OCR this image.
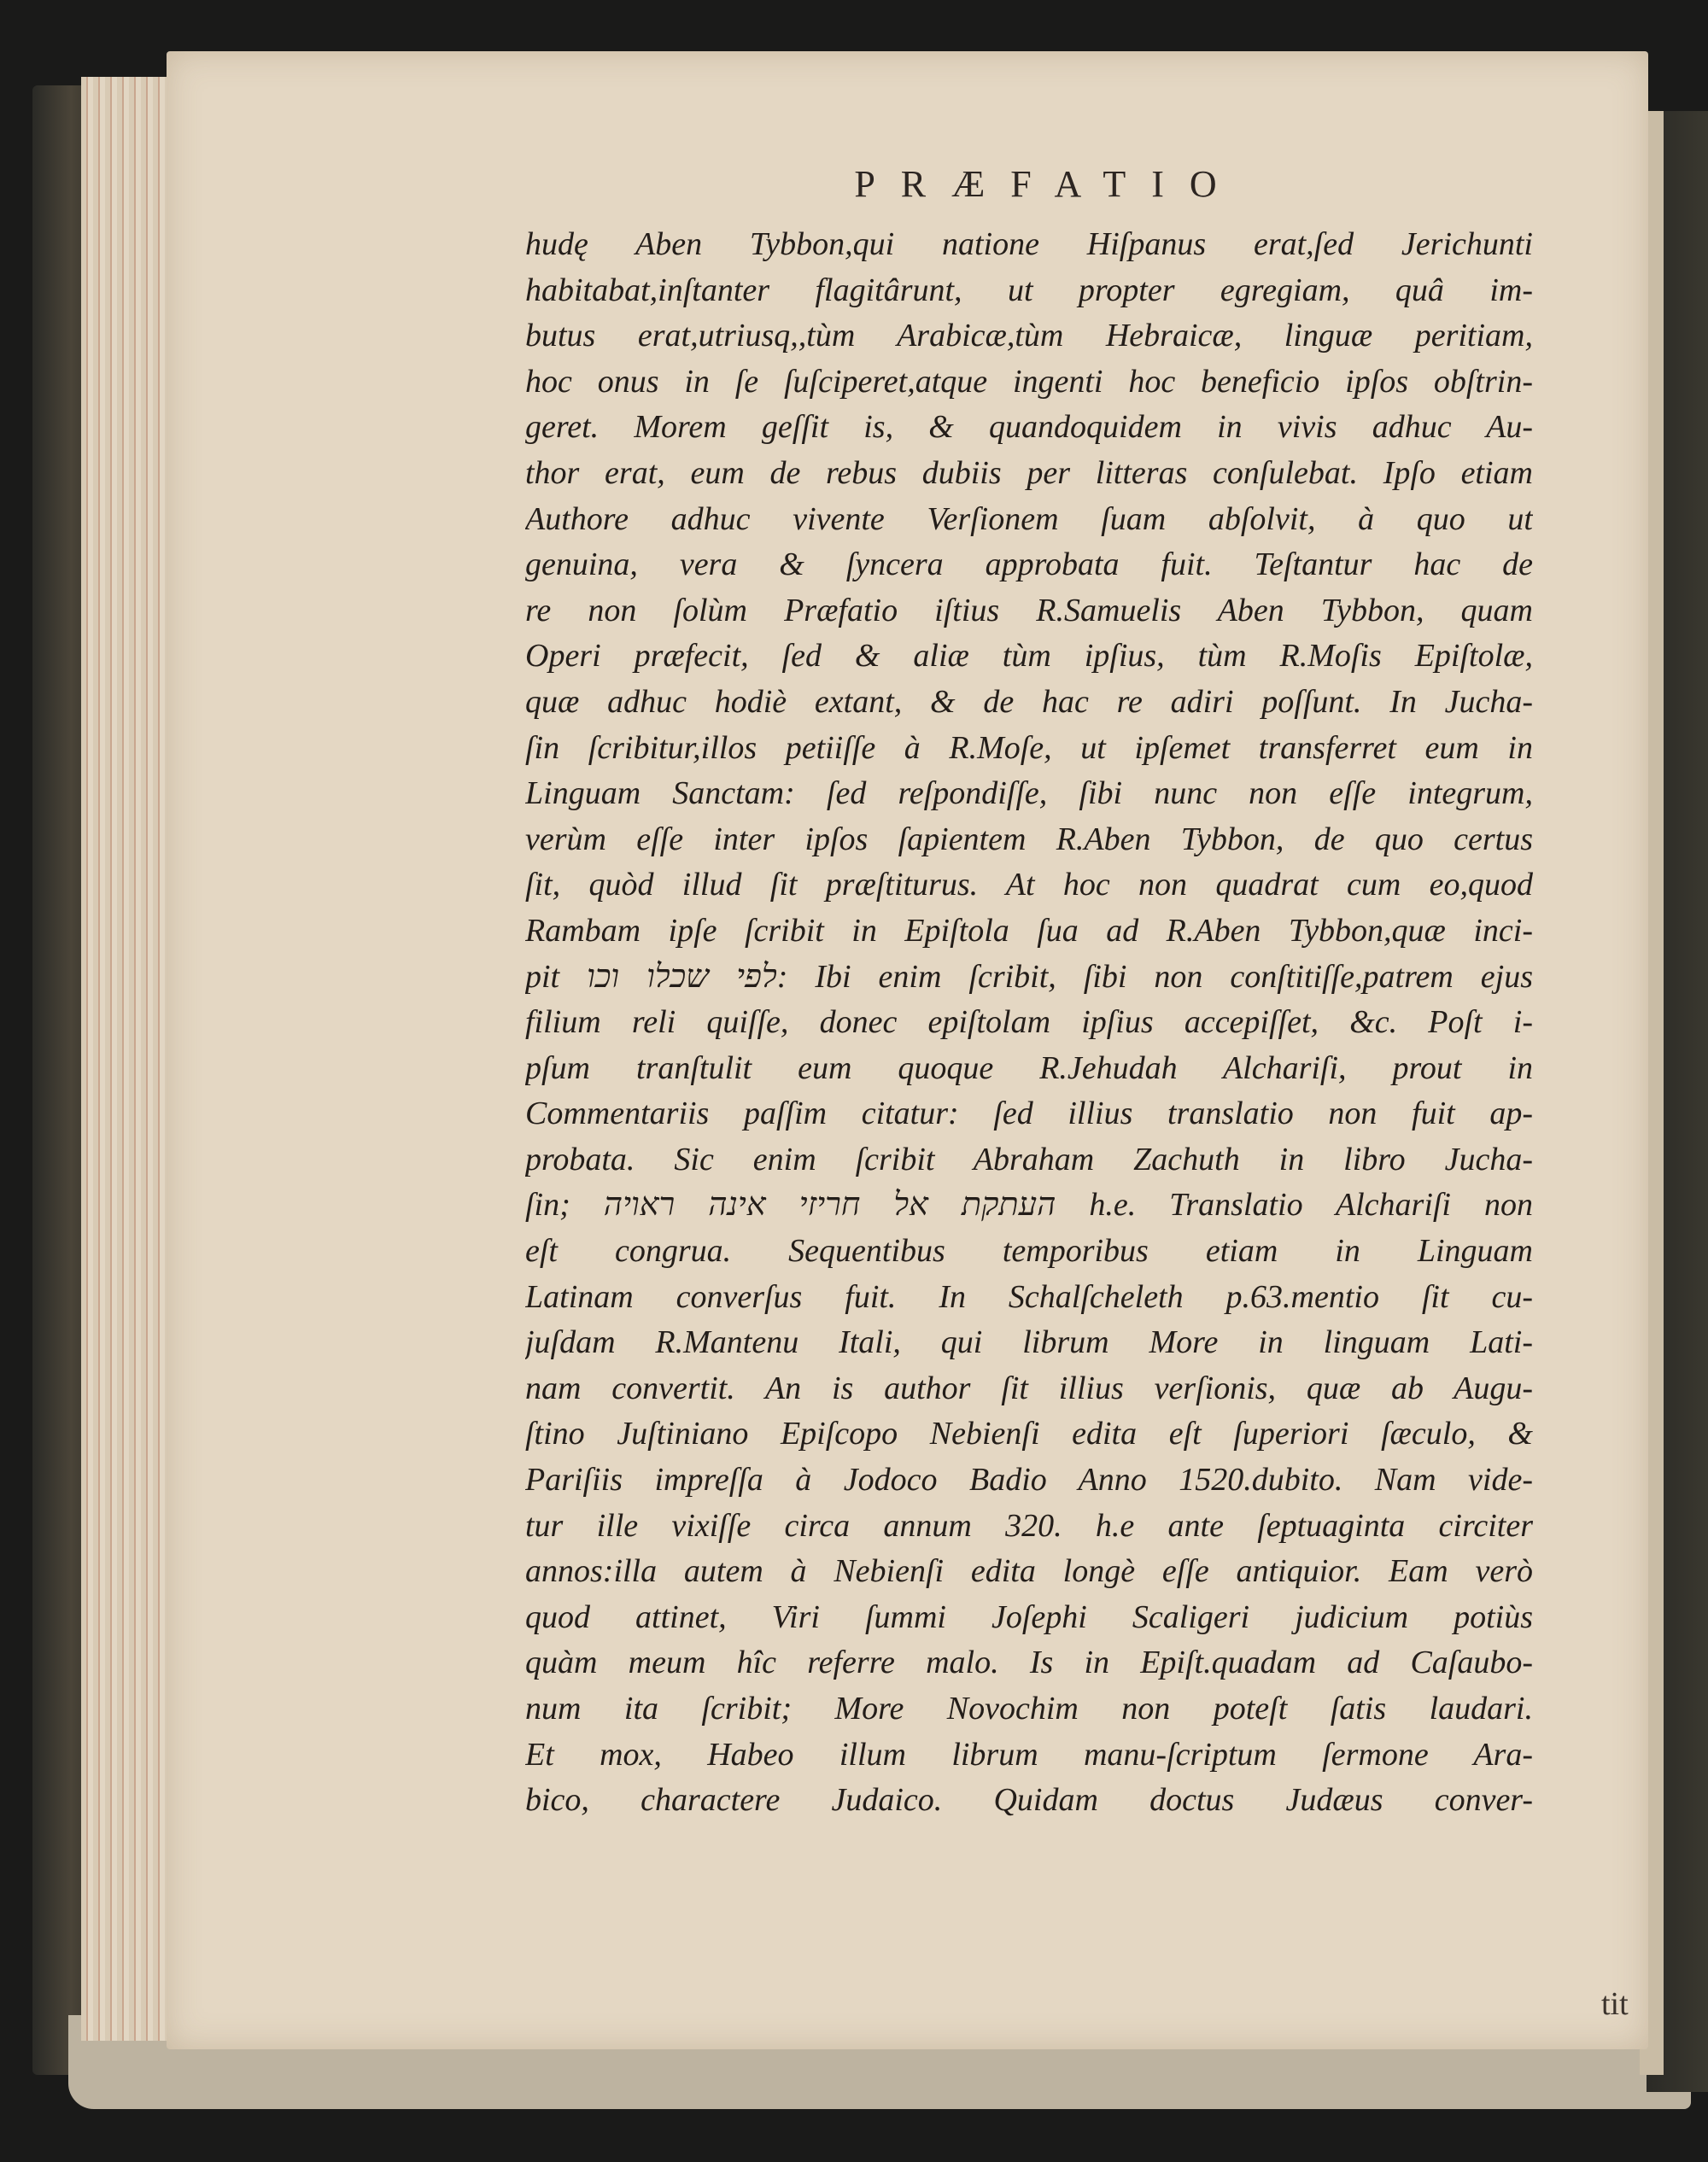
PRÆFATIO
hudę Aben Tybbon,qui natione Hiſpanus erat,ſed Jerichunti
habitabat,inſtanter flagitârunt, ut propter egregiam, quâ im-
butus erat,utriusq,,tùm Arabicæ,tùm Hebraicæ, linguæ peritiam,
hoc onus in ſe ſuſciperet,atque ingenti hoc beneficio ipſos obſtrin-
geret. Morem geſſit is, & quandoquidem in vivis adhuc Au-
thor erat, eum de rebus dubiis per litteras conſulebat. Ipſo etiam
Authore adhuc vivente Verſionem ſuam abſolvit, à quo ut
genuina, vera & ſyncera approbata fuit. Teſtantur hac de
re non ſolùm Præfatio iſtius R.Samuelis Aben Tybbon, quam
Operi præfecit, ſed & aliæ tùm ipſius, tùm R.Moſis Epiſtolæ,
quæ adhuc hodiè extant, & de hac re adiri poſſunt. In Jucha-
ſin ſcribitur,illos petiiſſe à R.Moſe, ut ipſemet transferret eum in
Linguam Sanctam: ſed reſpondiſſe, ſibi nunc non eſſe integrum,
verùm eſſe inter ipſos ſapientem R.Aben Tybbon, de quo certus
ſit, quòd illud ſit præſtiturus. At hoc non quadrat cum eo,quod
Rambam ipſe ſcribit in Epiſtola ſua ad R.Aben Tybbon,quæ inci-
pit לפי שכלו וכו: Ibi enim ſcribit, ſibi non conſtitiſſe,patrem ejus
filium reli quiſſe, donec epiſtolam ipſius accepiſſet, &c. Poſt i-
pſum tranſtulit eum quoque R.Jehudah Alchariſi, prout in
Commentariis paſſim citatur: ſed illius translatio non fuit ap-
probata. Sic enim ſcribit Abraham Zachuth in libro Jucha-
ſin; העתקת אל חריזי אינה ראויה h.e. Translatio Alchariſi non
eſt congrua. Sequentibus temporibus etiam in Linguam
Latinam converſus fuit. In Schalſcheleth p.63.mentio ſit cu-
juſdam R.Mantenu Itali, qui librum More in linguam Lati-
nam convertit. An is author ſit illius verſionis, quæ ab Augu-
ſtino Juſtiniano Epiſcopo Nebienſi edita eſt ſuperiori ſæculo, &
Pariſiis impreſſa à Jodoco Badio Anno 1520.dubito. Nam vide-
tur ille vixiſſe circa annum 320. h.e ante ſeptuaginta circiter
annos:illa autem à Nebienſi edita longè eſſe antiquior. Eam verò
quod attinet, Viri ſummi Joſephi Scaligeri judicium potiùs
quàm meum hîc referre malo. Is in Epiſt.quadam ad Caſaubo-
num ita ſcribit; More Novochim non poteſt ſatis laudari.
Et mox, Habeo illum librum manu-ſcriptum ſermone Ara-
bico, charactere Judaico. Quidam doctus Judæus conver-
tit
